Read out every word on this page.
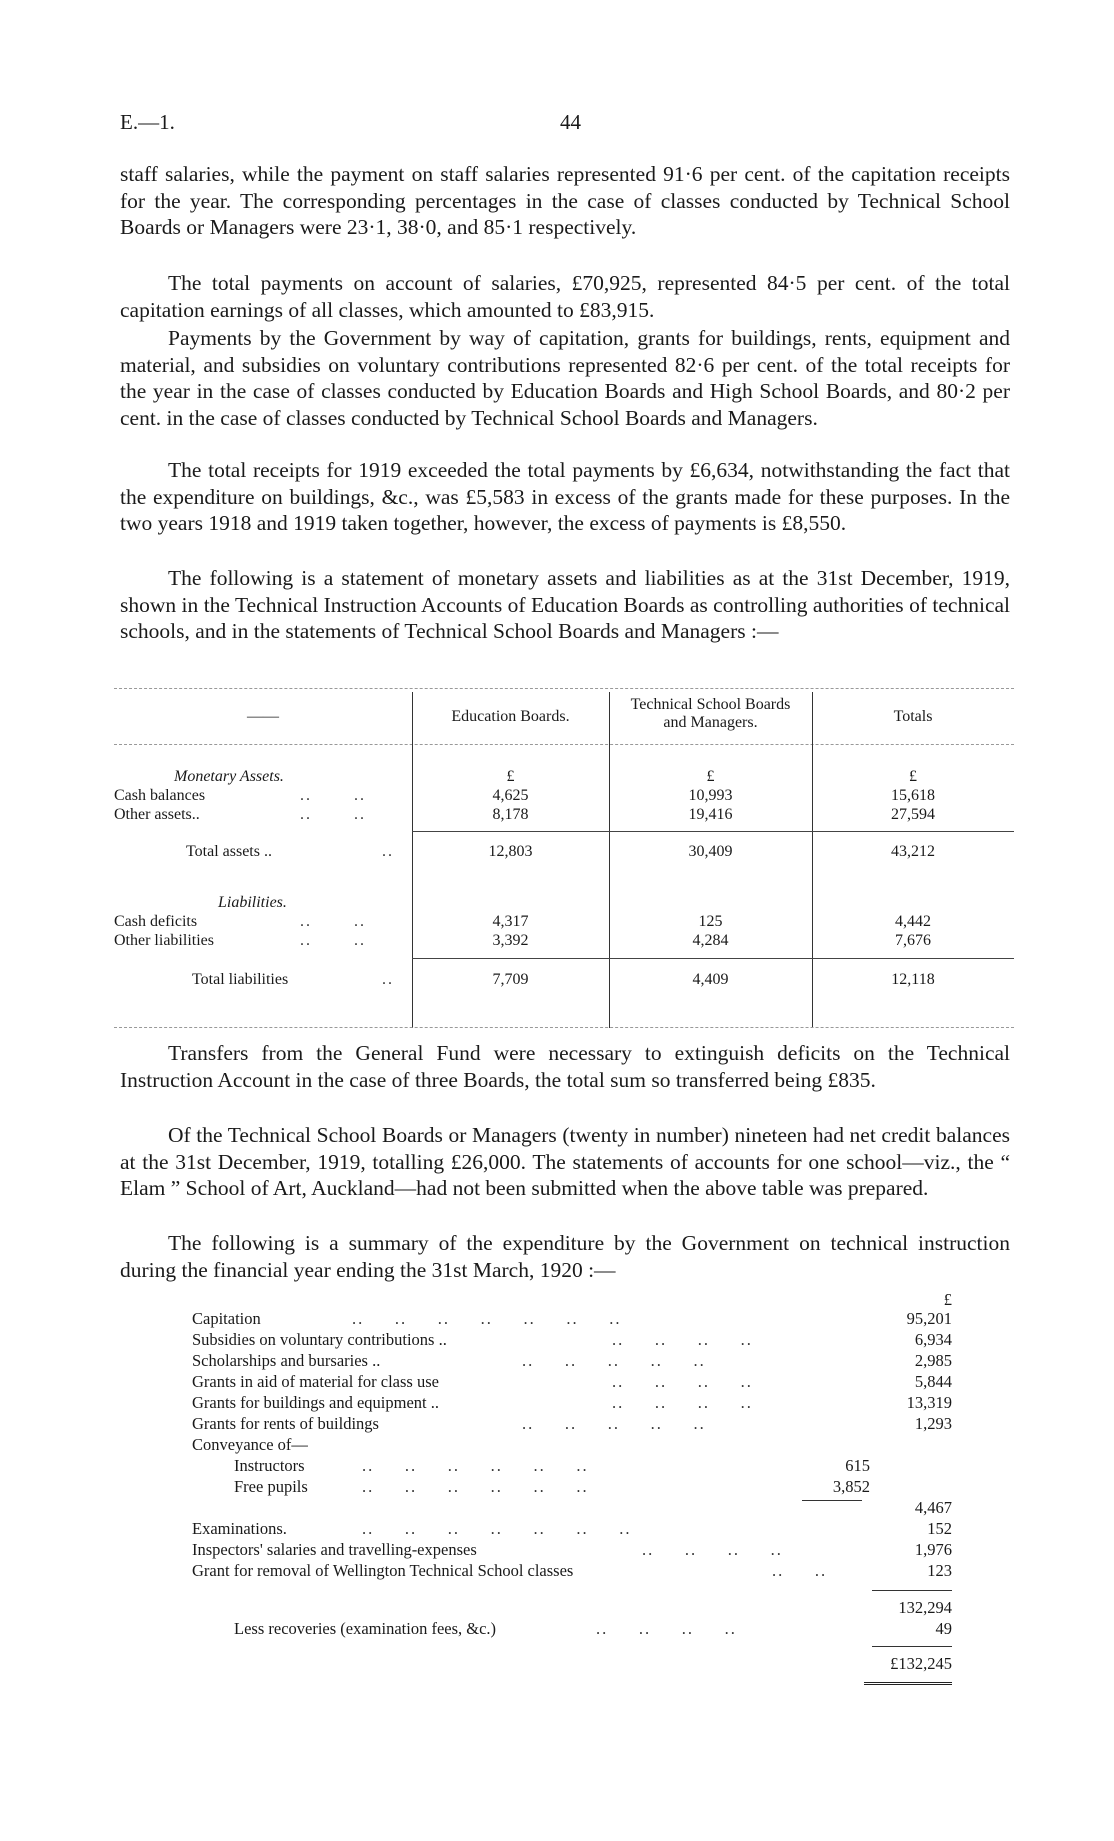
E.—1.	44

staff salaries, while the payment on staff salaries represented 91·6 per cent. of the capitation receipts for the year. The corresponding percentages in the case of classes conducted by Technical School Boards or Managers were 23·1, 38·0, and 85·1 respectively.

The total payments on account of salaries, £70,925, represented 84·5 per cent. of the total capitation earnings of all classes, which amounted to £83,915.

Payments by the Government by way of capitation, grants for buildings, rents, equipment and material, and subsidies on voluntary contributions represented 82·6 per cent. of the total receipts for the year in the case of classes conducted by Education Boards and High School Boards, and 80·2 per cent. in the case of classes conducted by Technical School Boards and Managers.

The total receipts for 1919 exceeded the total payments by £6,634, notwithstanding the fact that the expenditure on buildings, &c., was £5,583 in excess of the grants made for these purposes. In the two years 1918 and 1919 taken together, however, the excess of payments is £8,550.

The following is a statement of monetary assets and liabilities as at the 31st December, 1919, shown in the Technical Instruction Accounts of Education Boards as controlling authorities of technical schools, and in the statements of Technical School Boards and Managers :—

——	Education Boards.
Technical School Boards and Managers.	Totals
Monetary Assets.	£	£	£
Cash balances	..       ..	4,625	10,993	15,618
Other assets..	..       ..	8,178	19,416	27,594
Total assets ..	..	12,803	30,409	43,212
Liabilities.
Cash deficits	..       ..	4,317	125	4,442
Other liabilities	..       ..	3,392	4,284	7,676
Total liabilities	..	7,709	4,409	12,118

Transfers from the General Fund were necessary to extinguish deficits on the Technical Instruction Account in the case of three Boards, the total sum so transferred being £835.

Of the Technical School Boards or Managers (twenty in number) nineteen had net credit balances at the 31st December, 1919, totalling £26,000. The statements of accounts for one school—viz., the “ Elam ” School of Art, Auckland—had not been submitted when the above table was prepared.

The following is a summary of the expenditure by the Government on technical instruction during the financial year ending the 31st March, 1920 :—

£
Capitation	..     ..     ..     ..     ..     ..     ..	95,201
Subsidies on voluntary contributions ..	..     ..     ..     ..	6,934
Scholarships and bursaries ..	..     ..     ..     ..     ..	2,985
Grants in aid of material for class use	..     ..     ..     ..	5,844
Grants for buildings and equipment ..	..     ..     ..     ..	13,319
Grants for rents of buildings	..     ..     ..     ..     ..	1,293
Conveyance of—
Instructors	..     ..     ..     ..     ..     ..	615
Free pupils	..     ..     ..     ..     ..     ..	3,852
4,467
Examinations.	..     ..     ..     ..     ..     ..     ..	152
Inspectors' salaries and travelling-expenses	..     ..     ..     ..	1,976
Grant for removal of Wellington Technical School classes	..     ..	123
132,294
Less recoveries (examination fees, &c.)	..     ..     ..     ..	49
£132,245
